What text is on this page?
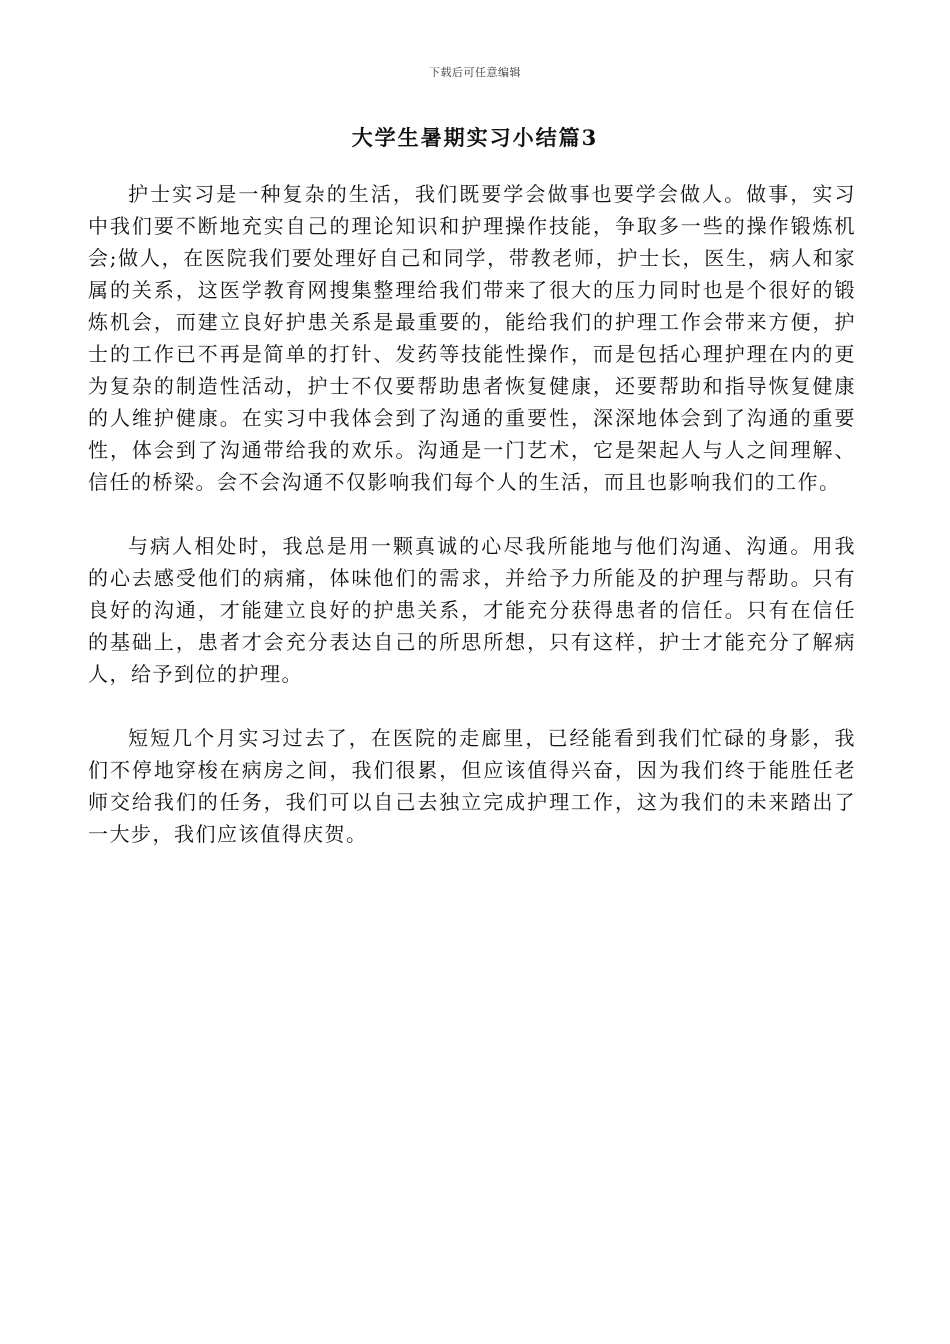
下载后可任意编辑
大学生暑期实习小结篇3

护士实习是一种复杂的生活，我们既要学会做事也要学会做人。做事，实习中我们要不断地充实自己的理论知识和护理操作技能，争取多一些的操作锻炼机会;做人，在医院我们要处理好自己和同学，带教老师，护士长，医生，病人和家属的关系，这医学教育网搜集整理给我们带来了很大的压力同时也是个很好的锻炼机会，而建立良好护患关系是最重要的，能给我们的护理工作会带来方便，护士的工作已不再是简单的打针、发药等技能性操作，而是包括心理护理在内的更为复杂的制造性活动，护士不仅要帮助患者恢复健康，还要帮助和指导恢复健康的人维护健康。在实习中我体会到了沟通的重要性，深深地体会到了沟通的重要性，体会到了沟通带给我的欢乐。沟通是一门艺术，它是架起人与人之间理解、信任的桥梁。会不会沟通不仅影响我们每个人的生活，而且也影响我们的工作。

与病人相处时，我总是用一颗真诚的心尽我所能地与他们沟通、沟通。用我的心去感受他们的病痛，体味他们的需求，并给予力所能及的护理与帮助。只有良好的沟通，才能建立良好的护患关系，才能充分获得患者的信任。只有在信任的基础上，患者才会充分表达自己的所思所想，只有这样，护士才能充分了解病人，给予到位的护理。

短短几个月实习过去了，在医院的走廊里，已经能看到我们忙碌的身影，我们不停地穿梭在病房之间，我们很累，但应该值得兴奋，因为我们终于能胜任老师交给我们的任务，我们可以自己去独立完成护理工作，这为我们的未来踏出了一大步，我们应该值得庆贺。
